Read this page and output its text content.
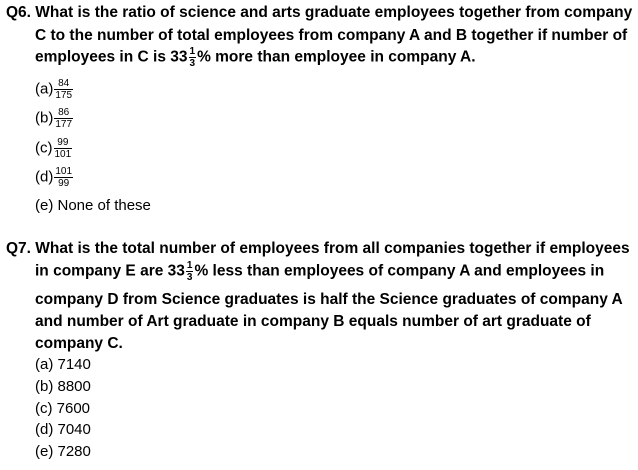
Q6. What is the ratio of science and arts graduate employees together from company
C to the number of total employees from company A and B together if number of
employees in C is $33 \frac{1}{3}$ % more than employee in company A.
$(a) \frac{84}{175}$
$(b) \frac{86}{177}$
$(c) \frac{99}{101}$
$(d) \frac{101}{99}$
(e) None of these
Q7. What is the total number of employees from all companies together if employees
in company E are $33 \frac{1}{3}$ % less than employees of company A and employees in
company D from Science graduates is half the Science graduates of company A
and number of Art graduate in company B equals number of art graduate of
company C.
(a) 7140
(b) 8800
(c) 7600
(d) 7040
(e) 7280
